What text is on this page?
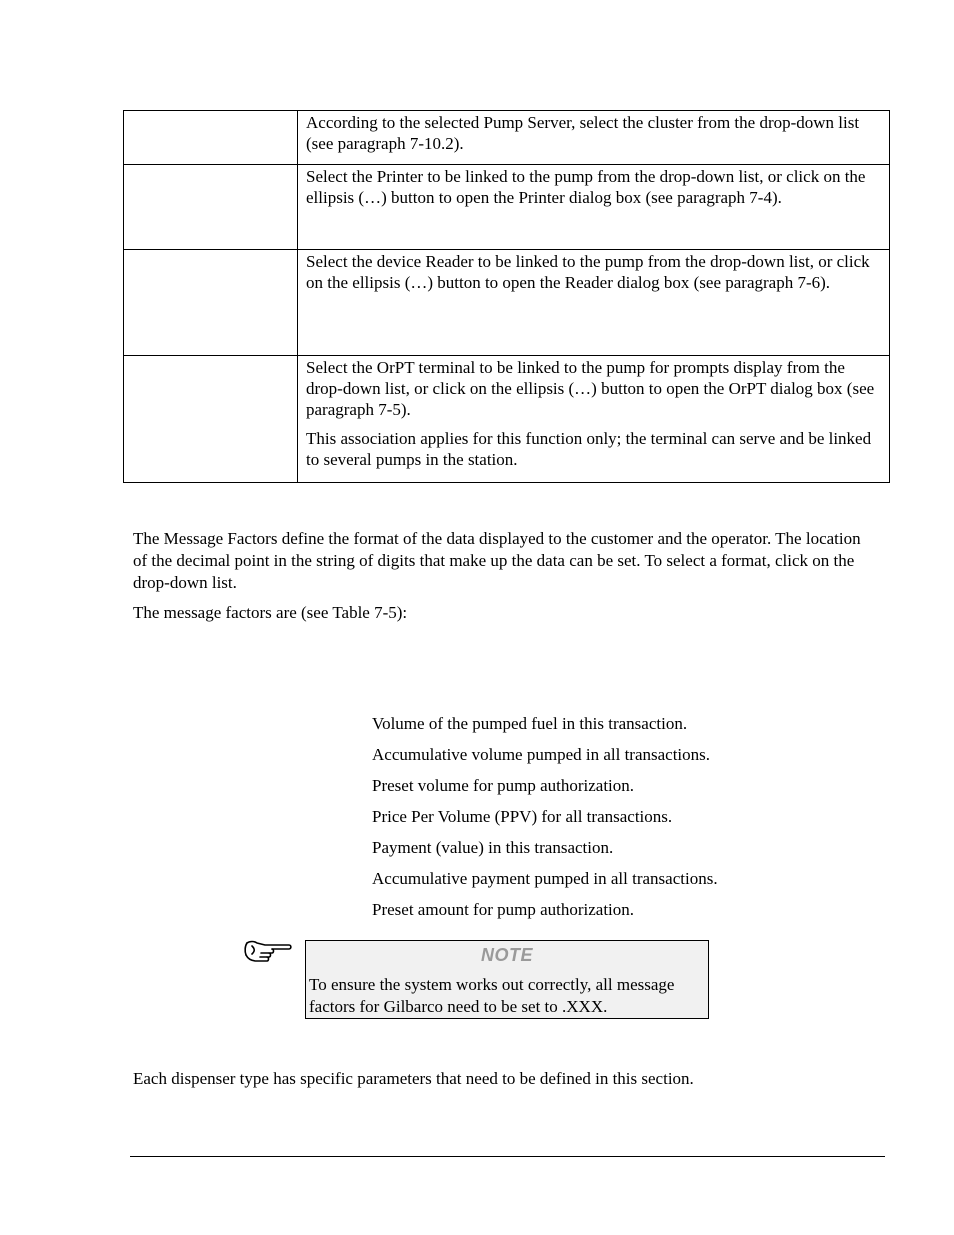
	According to the selected Pump Server, select the cluster from the drop-down list (see paragraph 7-10.2).

	Select the Printer to be linked to the pump from the drop-down list, or click on the ellipsis (…) button to open the Printer dialog box (see paragraph 7-4).

	Select the device Reader to be linked to the pump from the drop-down list, or click on the ellipsis (…) button to open the Reader dialog box (see paragraph 7-6).

	Select the OrPT terminal to be linked to the pump for prompts display from the drop-down list, or click on the ellipsis (…) button to open the OrPT dialog box (see paragraph 7-5).

This association applies for this function only; the terminal can serve and be linked to several pumps in the station.

The Message Factors define the format of the data displayed to the customer and the operator. The location of the decimal point in the string of digits that make up the data can be set. To select a format, click on the drop-down list.

The message factors are (see Table 7-5):

Volume of the pumped fuel in this transaction.
Accumulative volume pumped in all transactions.
Preset volume for pump authorization.
Price Per Volume (PPV) for all transactions.
Payment (value) in this transaction.
Accumulative payment pumped in all transactions.
Preset amount for pump authorization.
NOTE
To ensure the system works out correctly, all message factors for Gilbarco need to be set to .XXX.

Each dispenser type has specific parameters that need to be defined in this section.
